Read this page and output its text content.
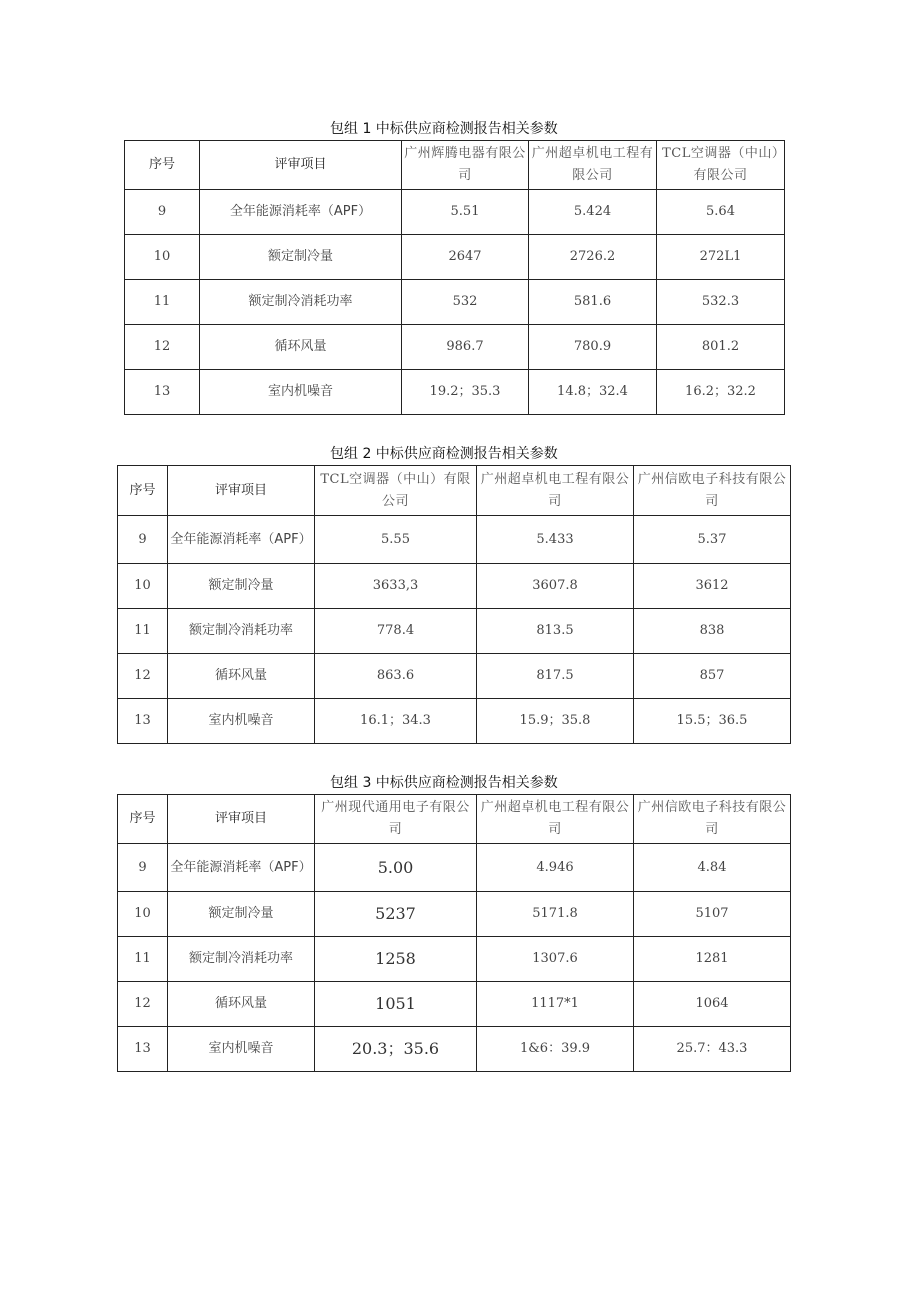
包组 1 中标供应商检测报告相关参数
序号	评审项目	广州辉腾电器有限公司	广州超卓机电工程有限公司	TCL空调器（中山）有限公司
9	全年能源消耗率（APF）	5.51	5.424	5.64
10	额定制冷量	2647	2726.2	272L1
11	额定制冷消耗功率	532	581.6	532.3
12	循环风量	986.7	780.9	801.2
13	室内机噪音	19.2；35.3	14.8；32.4	16.2；32.2
包组 2 中标供应商检测报告相关参数
序号	评审项目	TCL空调器（中山）有限公司	广州超卓机电工程有限公司	广州信欧电子科技有限公司
9	全年能源消耗率（APF）	5.55	5.433	5.37
10	额定制冷量	3633,3	3607.8	3612
11	额定制冷消耗功率	778.4	813.5	838
12	循环风量	863.6	817.5	857
13	室内机噪音	16.1；34.3	15.9；35.8	15.5；36.5
包组 3 中标供应商检测报告相关参数
序号	评审项目	广州现代通用电子有限公司	广州超卓机电工程有限公司	广州信欧电子科技有限公司
9	全年能源消耗率（APF）	5.00	4.946	4.84
10	额定制冷量	5237	5171.8	5107
11	额定制冷消耗功率	1258	1307.6	1281
12	循环风量	1051	1117*1	1064
13	室内机噪音	20.3；35.6	1&6：39.9	25.7：43.3
